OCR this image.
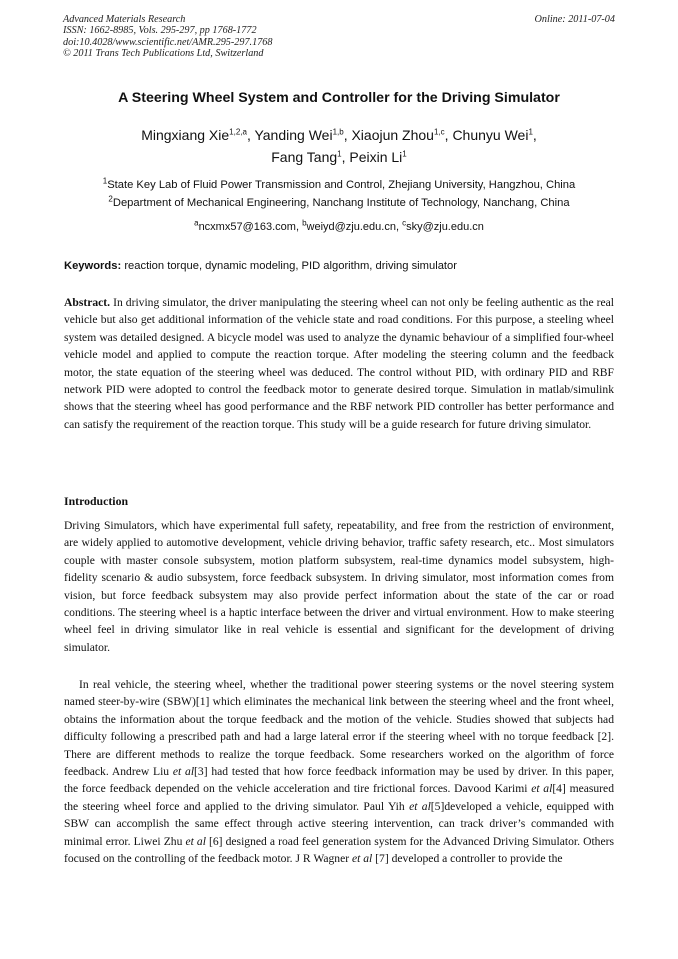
Advanced Materials Research
ISSN: 1662-8985, Vols. 295-297, pp 1768-1772
doi:10.4028/www.scientific.net/AMR.295-297.1768
© 2011 Trans Tech Publications Ltd, Switzerland
Online: 2011-07-04
A Steering Wheel System and Controller for the Driving Simulator
Mingxiang Xie$^{1,2,a}$, Yanding Wei$^{1,b}$, Xiaojun Zhou$^{1,c}$, Chunyu Wei$^1$,
Fang Tang$^1$, Peixin Li$^1$
$^1$State Key Lab of Fluid Power Transmission and Control, Zhejiang University, Hangzhou, China
$^2$Department of Mechanical Engineering, Nanchang Institute of Technology, Nanchang, China
$^a$ncxmx57@163.com, $^b$weiyd@zju.edu.cn, $^c$sky@zju.edu.cn
Keywords: reaction torque, dynamic modeling, PID algorithm, driving simulator
Abstract. In driving simulator, the driver manipulating the steering wheel can not only be feeling authentic as the real vehicle but also get additional information of the vehicle state and road conditions. For this purpose, a steeling wheel system was detailed designed. A bicycle model was used to analyze the dynamic behaviour of a simplified four-wheel vehicle model and applied to compute the reaction torque. After modeling the steering column and the feedback motor, the state equation of the steering wheel was deduced. The control without PID, with ordinary PID and RBF network PID were adopted to control the feedback motor to generate desired torque. Simulation in matlab/simulink shows that the steering wheel has good performance and the RBF network PID controller has better performance and can satisfy the requirement of the reaction torque. This study will be a guide research for future driving simulator.
Introduction
Driving Simulators, which have experimental full safety, repeatability, and free from the restriction of environment, are widely applied to automotive development, vehicle driving behavior, traffic safety research, etc.. Most simulators couple with master console subsystem, motion platform subsystem, real-time dynamics model subsystem, high-fidelity scenario & audio subsystem, force feedback subsystem. In driving simulator, most information comes from vision, but force feedback subsystem may also provide perfect information about the state of the car or road conditions. The steering wheel is a haptic interface between the driver and virtual environment. How to make steering wheel feel in driving simulator like in real vehicle is essential and significant for the development of driving simulator.
In real vehicle, the steering wheel, whether the traditional power steering systems or the novel steering system named steer-by-wire (SBW)[1] which eliminates the mechanical link between the steering wheel and the front wheel, obtains the information about the torque feedback and the motion of the vehicle. Studies showed that subjects had difficulty following a prescribed path and had a large lateral error if the steering wheel with no torque feedback [2]. There are different methods to realize the torque feedback. Some researchers worked on the algorithm of force feedback. Andrew Liu et al[3] had tested that how force feedback information may be used by driver. In this paper, the force feedback depended on the vehicle acceleration and tire frictional forces. Davood Karimi et al[4] measured the steering wheel force and applied to the driving simulator. Paul Yih et al[5]developed a vehicle, equipped with SBW can accomplish the same effect through active steering intervention, can track driver’s commanded with minimal error. Liwei Zhu et al [6] designed a road feel generation system for the Advanced Driving Simulator. Others focused on the controlling of the feedback motor. J R Wagner et al [7] developed a controller to provide the
